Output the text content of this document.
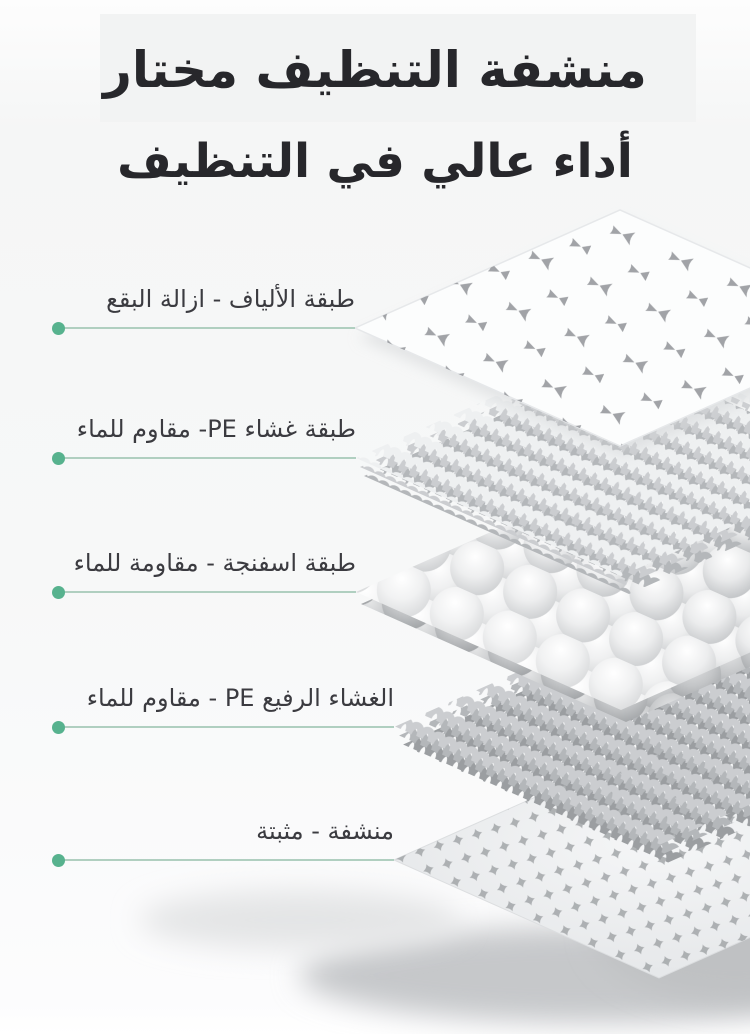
منشفة التنظيف مختار
أداء عالي في التنظيف
طبقة الألياف - ازالة البقع
طبقة غشاء PE- مقاوم للماء
طبقة اسفنجة - مقاومة للماء
الغشاء الرفيع PE - مقاوم للماء
منشفة - مثبتة
